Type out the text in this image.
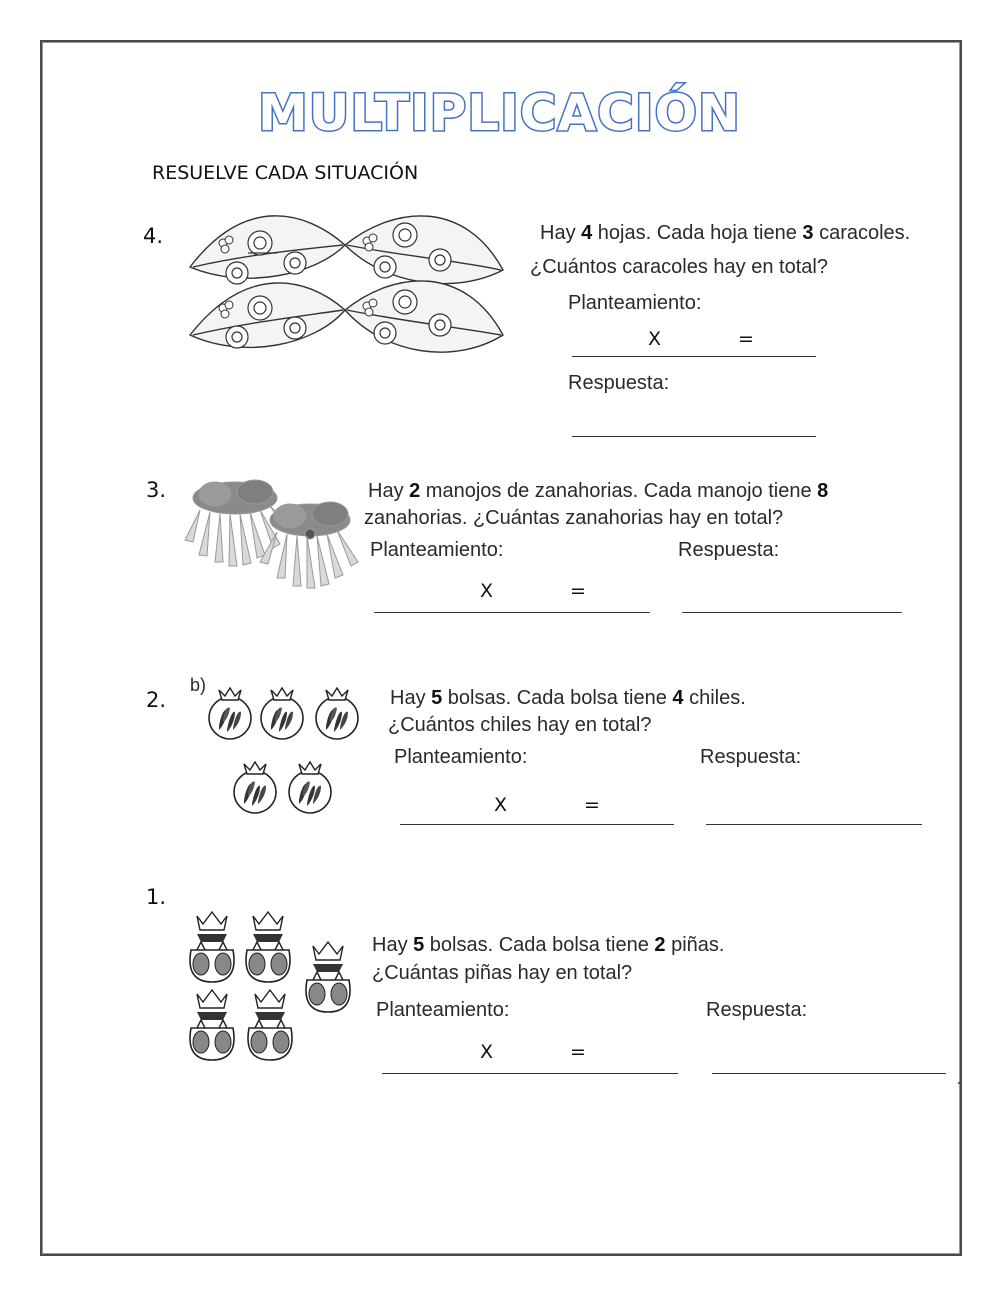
MULTIPLICACIÓN
RESUELVE CADA SITUACIÓN
4.	Hay 4 hojas. Cada hoja tiene 3 caracoles.
¿Cuántos caracoles hay en total?
Planteamiento:
X	=
Respuesta:
3.	Hay 2 manojos de zanahorias. Cada manojo tiene 8
zanahorias. ¿Cuántas zanahorias hay en total?
Planteamiento:	Respuesta:
X	=
2.
b)
Hay 5 bolsas. Cada bolsa tiene 4 chiles.
¿Cuántos chiles hay en total?
Planteamiento:	Respuesta:
X	=
1.
Hay 5 bolsas. Cada bolsa tiene 2 piñas.
¿Cuántas piñas hay en total?
Planteamiento:	Respuesta:
X	=
